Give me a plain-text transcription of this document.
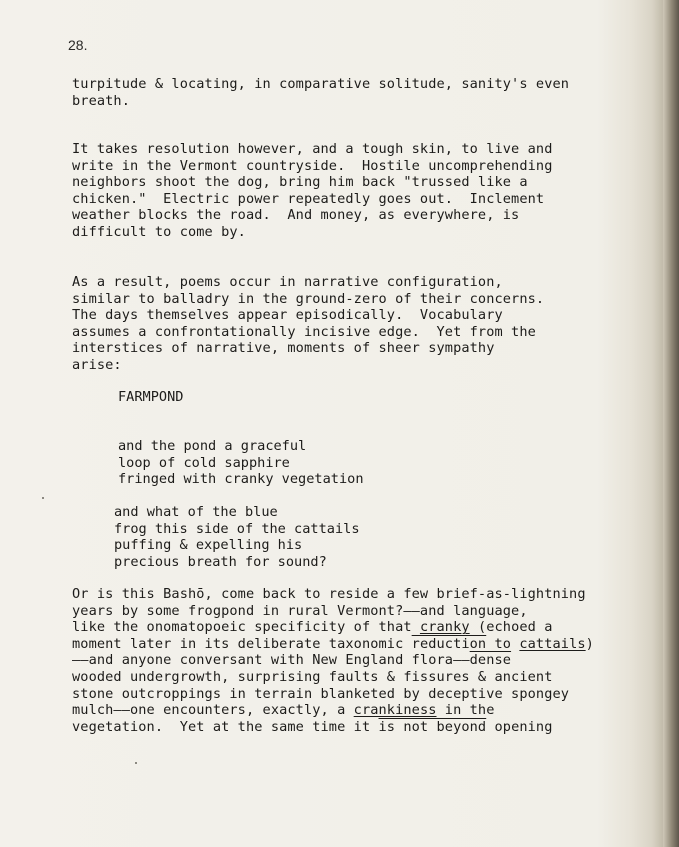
28.

turpitude & locating, in comparative solitude, sanity's even

breath.

It takes resolution however, and a tough skin, to live and

write in the Vermont countryside.  Hostile uncomprehending

neighbors shoot the dog, bring him back "trussed like a

chicken."  Electric power repeatedly goes out.  Inclement

weather blocks the road.  And money, as everywhere, is

difficult to come by.

As a result, poems occur in narrative configuration,

similar to balladry in the ground-zero of their concerns.

The days themselves appear episodically.  Vocabulary

assumes a confrontationally incisive edge.  Yet from the

interstices of narrative, moments of sheer sympathy

arise:

FARMPOND

and the pond a graceful

loop of cold sapphire

fringed with cranky vegetation

and what of the blue

frog this side of the cattails

puffing & expelling his

precious breath for sound?

Or is this Bashō, come back to reside a few brief-as-lightning

years by some frogpond in rural Vermont?——and language,

like the onomatopoeic specificity of that cranky (echoed a

moment later in its deliberate taxonomic reduction to cattails)

——and anyone conversant with New England flora——dense

wooded undergrowth, surprising faults & fissures & ancient

stone outcroppings in terrain blanketed by deceptive spongey

mulch——one encounters, exactly, a crankiness in the

vegetation.  Yet at the same time it is not beyond opening
